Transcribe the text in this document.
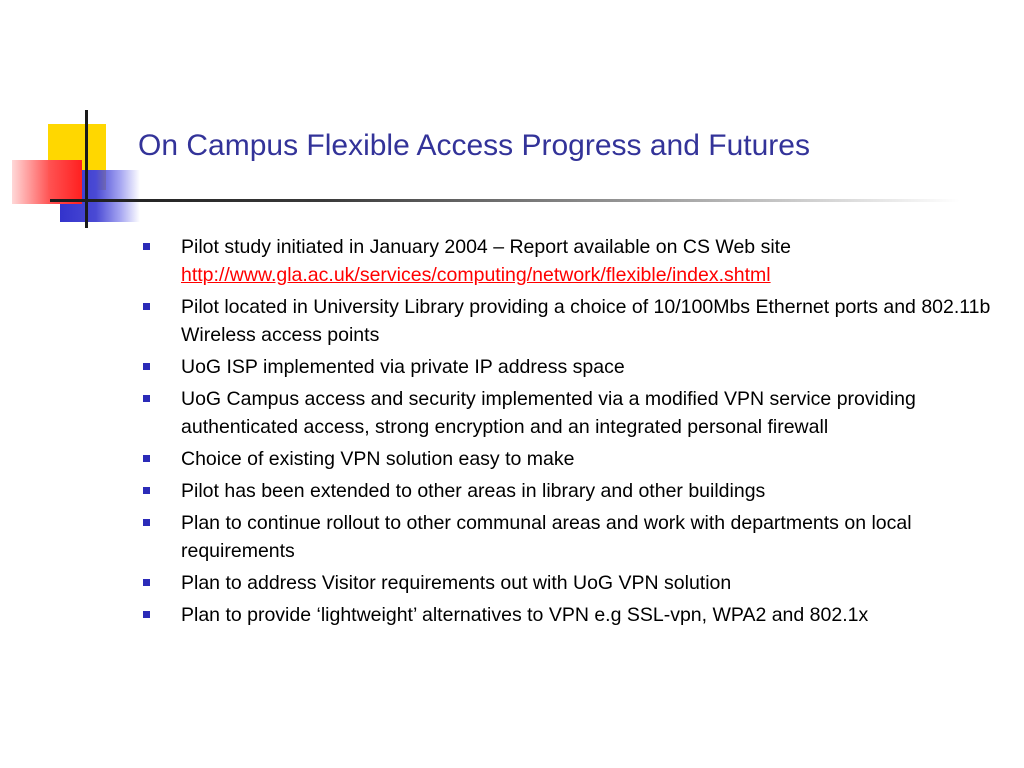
On Campus Flexible Access Progress and Futures
Pilot study initiated in January 2004 – Report available on CS Web site
http://www.gla.ac.uk/services/computing/network/flexible/index.shtml
Pilot located in University Library providing a choice of 10/100Mbs Ethernet ports and 802.11b Wireless access points
UoG ISP implemented via private IP address space
UoG Campus access and security implemented via a modified VPN service providing authenticated access, strong encryption and an integrated personal firewall
Choice of existing VPN solution easy to make
Pilot has been extended to other areas in library and other buildings
Plan to continue rollout to other communal areas and work with departments on local requirements
Plan to address Visitor requirements out with UoG VPN solution
Plan to provide ‘lightweight’ alternatives to VPN e.g SSL-vpn, WPA2 and 802.1x
